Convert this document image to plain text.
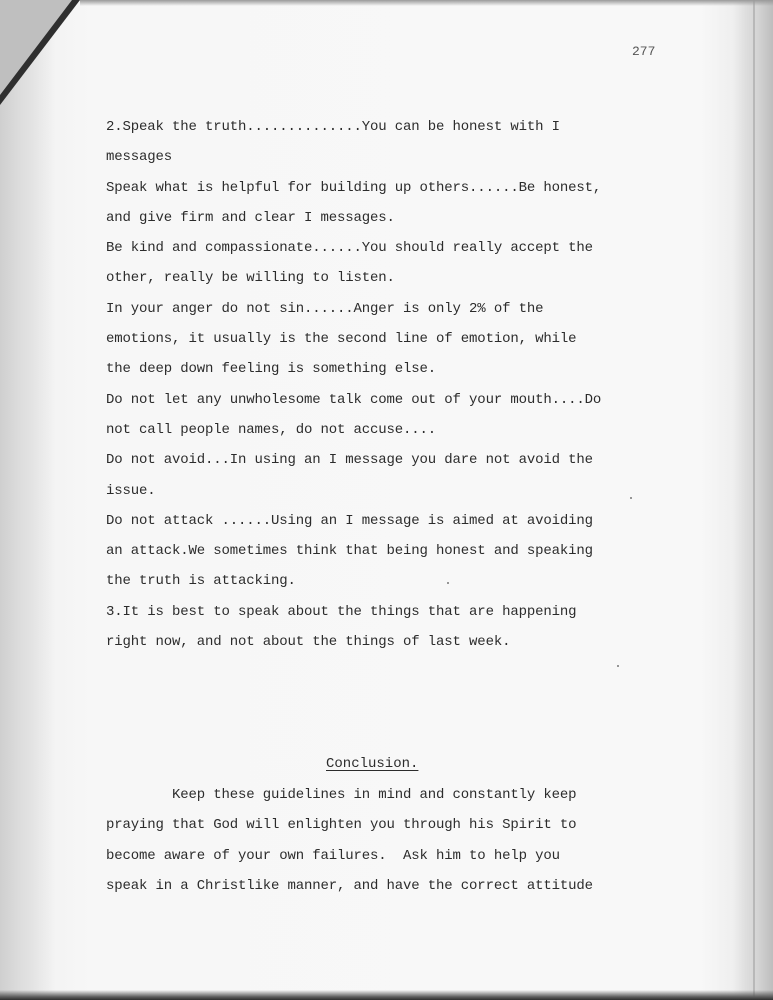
277
2.Speak the truth..............You can be honest with I
messages
Speak what is helpful for building up others......Be honest,
and give firm and clear I messages.
Be kind and compassionate......You should really accept the
other, really be willing to listen.
In your anger do not sin......Anger is only 2% of the
emotions, it usually is the second line of emotion, while
the deep down feeling is something else.
Do not let any unwholesome talk come out of your mouth....Do
not call people names, do not accuse....
Do not avoid...In using an I message you dare not avoid the
issue.
Do not attack ......Using an I message is aimed at avoiding
an attack.We sometimes think that being honest and speaking
the truth is attacking.
3.It is best to speak about the things that are happening
right now, and not about the things of last week.
Conclusion.
Keep these guidelines in mind and constantly keep
praying that God will enlighten you through his Spirit to
become aware of your own failures.  Ask him to help you
speak in a Christlike manner, and have the correct attitude
